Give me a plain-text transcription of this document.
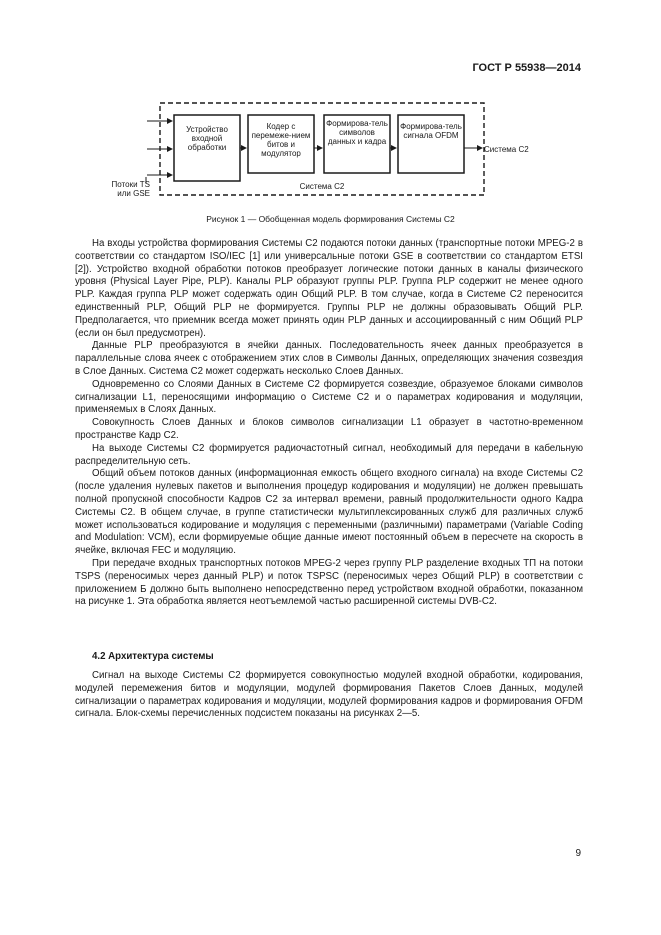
ГОСТ Р 55938—2014
Устройство входной обработки
Кодер с перемеже-нием битов и модулятор
Формирова-тель символов данных и кадра
Формирова-тель сигнала OFDM
Система C2
Потоки TS или GSE
Система C2
Рисунок 1 — Обобщенная модель формирования Системы C2

На входы устройства формирования Системы C2 подаются потоки данных (транспортные потоки MPEG-2 в соответствии со стандартом ISO/IEC [1] или универсальные потоки GSE в соответствии со стандартом ETSI [2]). Устройство входной обработки потоков преобразует логические потоки данных в каналы физического уровня (Physical Layer Pipe, PLP). Каналы PLP образуют группы PLP. Группа PLP содержит не менее одного PLP. Каждая группа PLP может содержать один Общий PLP. В том случае, когда в Системе C2 переносится единственный PLP, Общий PLP не формируется. Группы PLP не должны образовывать Общий PLP. Предполагается, что приемник всегда может принять один PLP данных и ассоциированный с ним Общий PLP (если он был предусмотрен).

Данные PLP преобразуются в ячейки данных. Последовательность ячеек данных преобразуется в параллельные слова ячеек с отображением этих слов в Символы Данных, определяющих значения созвездия в Слое Данных. Система C2 может содержать несколько Слоев Данных.

Одновременно со Слоями Данных в Системе C2 формируется созвездие, образуемое блоками символов сигнализации L1, переносящими информацию о Системе C2 и о параметрах кодирования и модуляции, применяемых в Слоях Данных.

Совокупность Слоев Данных и блоков символов сигнализации L1 образует в частотно-временном пространстве Кадр C2.

На выходе Системы C2 формируется радиочастотный сигнал, необходимый для передачи в кабельную распределительную сеть.

Общий объем потоков данных (информационная емкость общего входного сигнала) на входе Системы C2 (после удаления нулевых пакетов и выполнения процедур кодирования и модуляции) не должен превышать полной пропускной способности Кадров C2 за интервал времени, равный продолжительности одного Кадра Системы C2. В общем случае, в группе статистически мультиплексированных служб для различных служб может использоваться кодирование и модуляция с переменными (различными) параметрами (Variable Coding and Modulation: VCM), если формируемые общие данные имеют постоянный объем в пересчете на скорость в ячейке, включая FEC и модуляцию.

При передаче входных транспортных потоков MPEG-2 через группу PLP разделение входных ТП на потоки TSPS (переносимых через данный PLP) и поток TSPSC (переносимых через Общий PLP) в соответствии с приложением Б должно быть выполнено непосредственно перед устройством входной обработки, показанном на рисунке 1. Эта обработка является неотъемлемой частью расширенной системы DVB-C2.

4.2 Архитектура системы

Сигнал на выходе Системы C2 формируется совокупностью модулей входной обработки, кодирования, модулей перемежения битов и модуляции, модулей формирования Пакетов Слоев Данных, модулей сигнализации о параметрах кодирования и модуляции, модулей формирования кадров и формирования OFDM сигнала. Блок-схемы перечисленных подсистем показаны на рисунках 2—5.

9
